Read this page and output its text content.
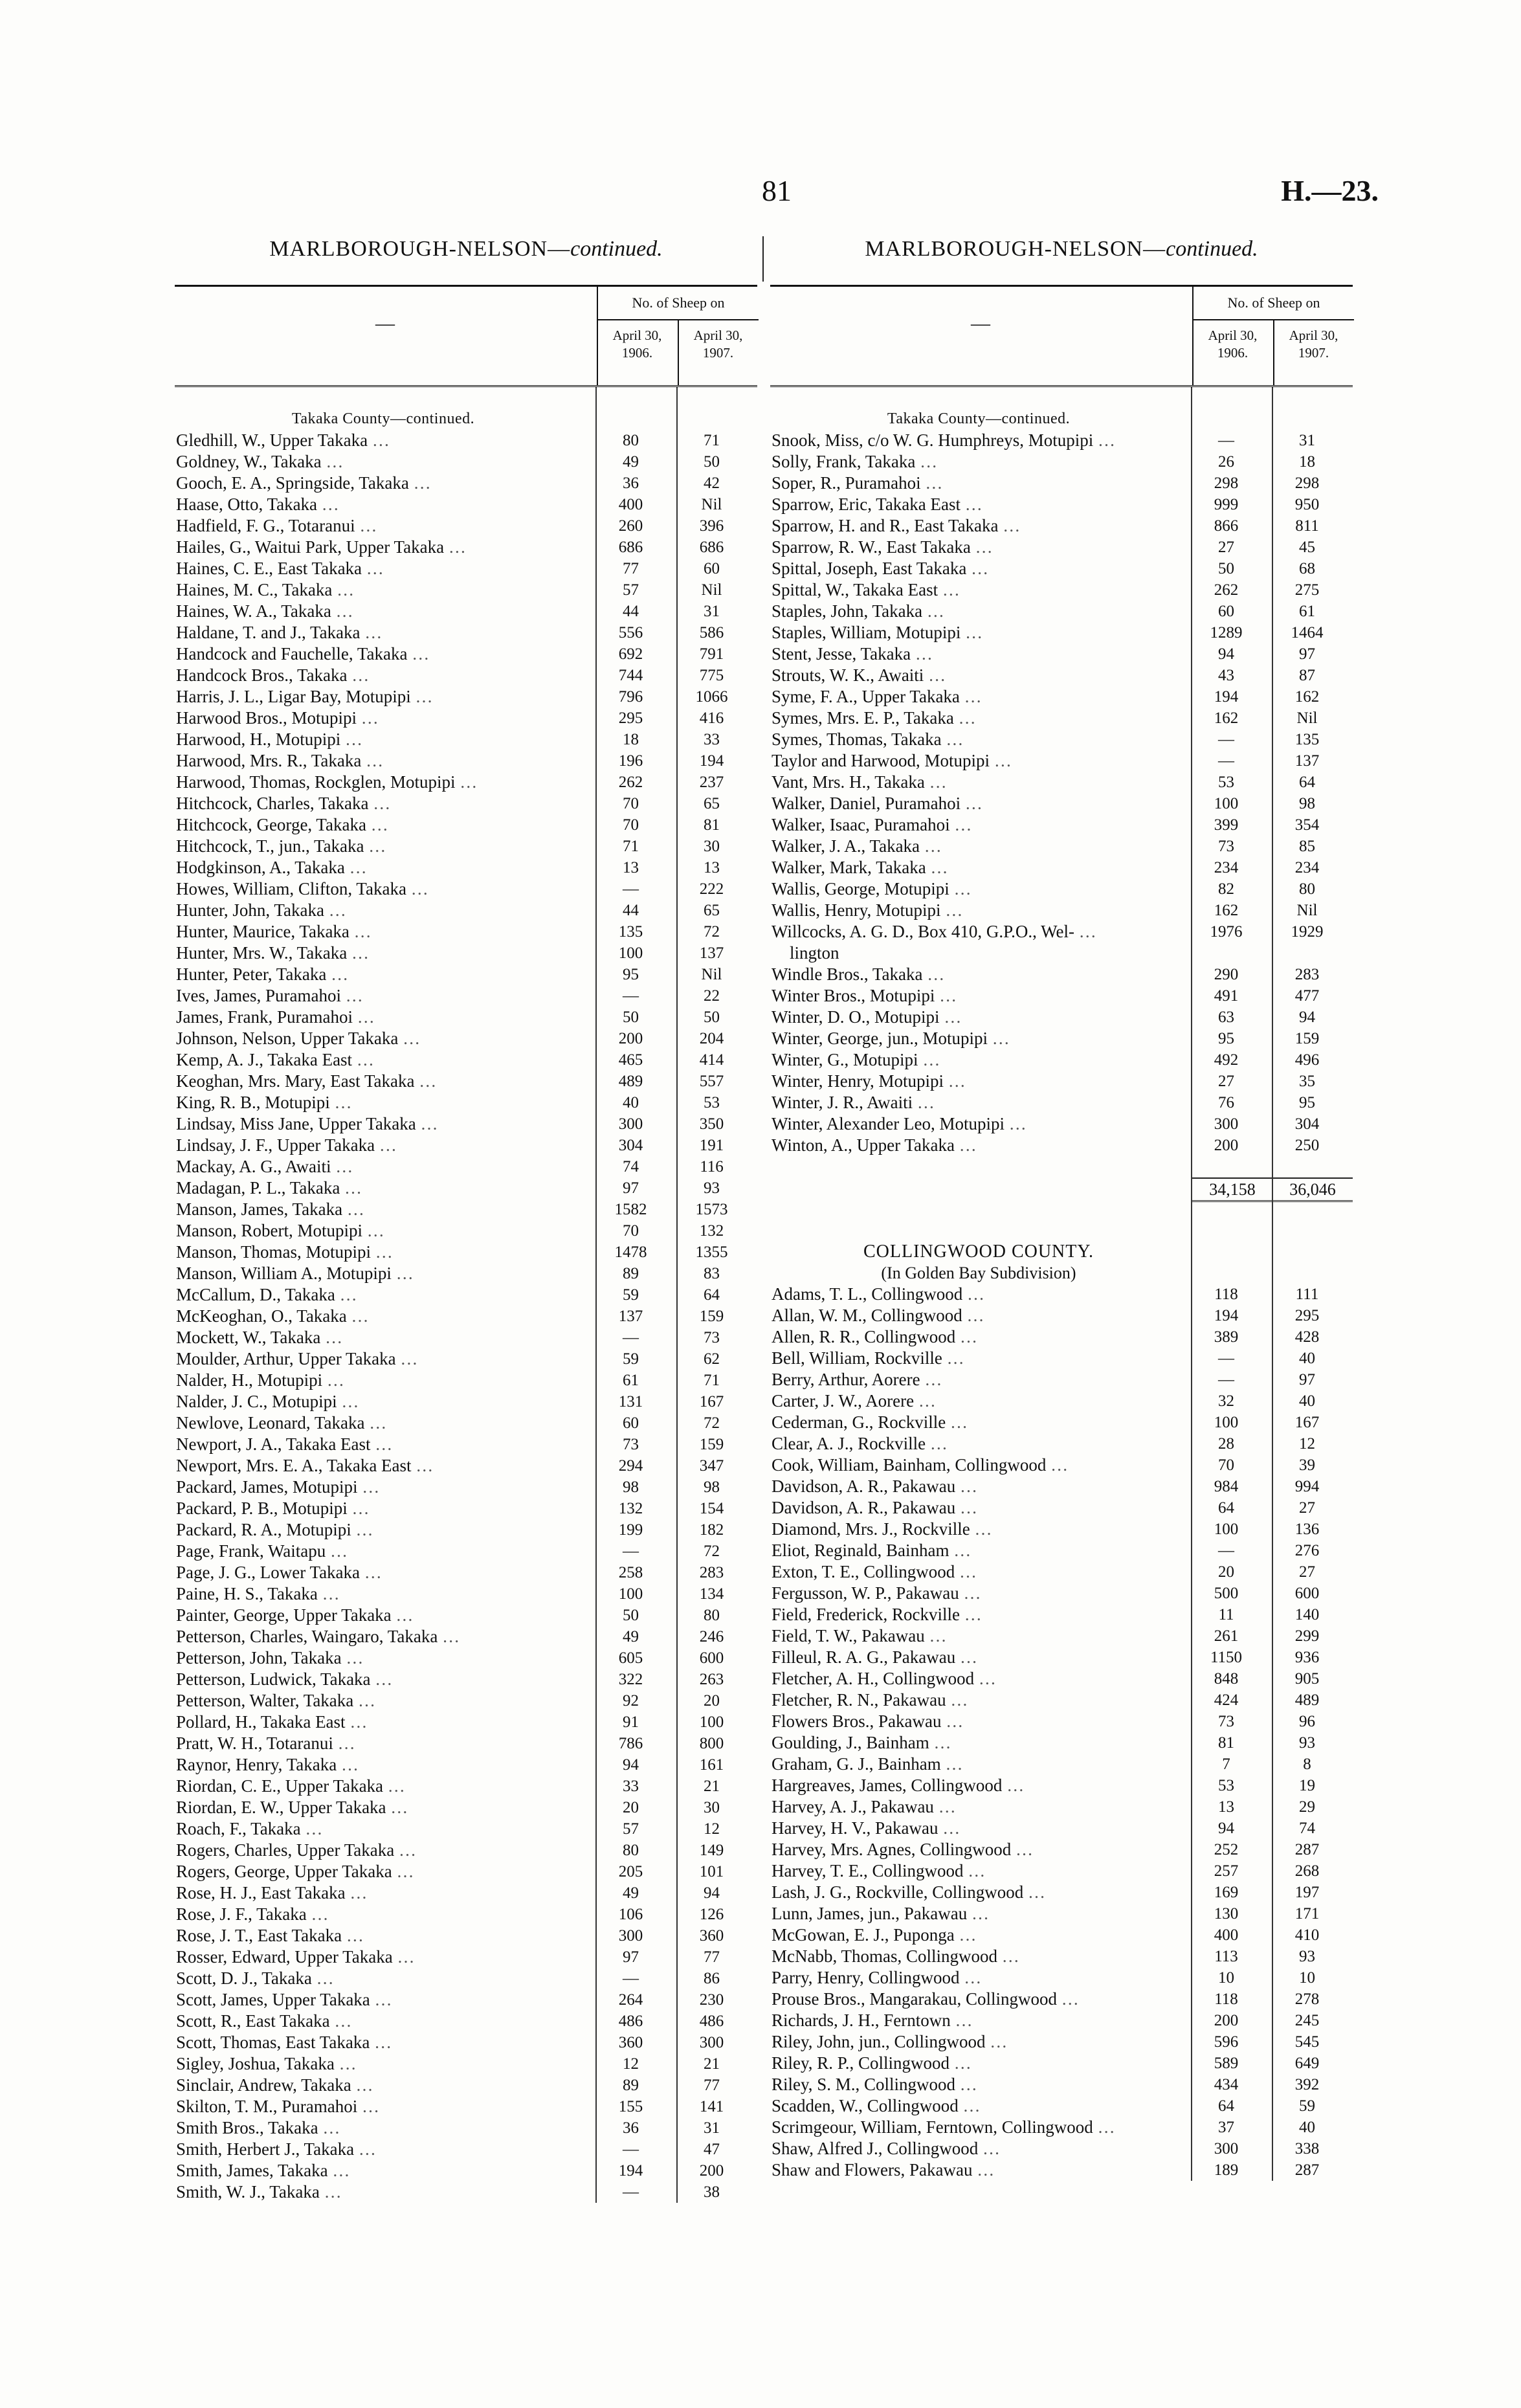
81	H.—23.
MARLBOROUGH-NELSON—continued.
—
No. of Sheep on
April 30,
1906.
April 30,
1907.
Takaka County—continued.
Gledhill, W., Upper Takaka …	80	71
Goldney, W., Takaka …	49	50
Gooch, E. A., Springside, Takaka …	36	42
Haase, Otto, Takaka …	400	Nil
Hadfield, F. G., Totaranui …	260	396
Hailes, G., Waitui Park, Upper Takaka …	686	686
Haines, C. E., East Takaka …	77	60
Haines, M. C., Takaka …	57	Nil
Haines, W. A., Takaka …	44	31
Haldane, T. and J., Takaka …	556	586
Handcock and Fauchelle, Takaka …	692	791
Handcock Bros., Takaka …	744	775
Harris, J. L., Ligar Bay, Motupipi …	796	1066
Harwood Bros., Motupipi …	295	416
Harwood, H., Motupipi …	18	33
Harwood, Mrs. R., Takaka …	196	194
Harwood, Thomas, Rockglen, Motupipi …	262	237
Hitchcock, Charles, Takaka …	70	65
Hitchcock, George, Takaka …	70	81
Hitchcock, T., jun., Takaka …	71	30
Hodgkinson, A., Takaka …	13	13
Howes, William, Clifton, Takaka …	—	222
Hunter, John, Takaka …	44	65
Hunter, Maurice, Takaka …	135	72
Hunter, Mrs. W., Takaka …	100	137
Hunter, Peter, Takaka …	95	Nil
Ives, James, Puramahoi …	—	22
James, Frank, Puramahoi …	50	50
Johnson, Nelson, Upper Takaka …	200	204
Kemp, A. J., Takaka East …	465	414
Keoghan, Mrs. Mary, East Takaka …	489	557
King, R. B., Motupipi …	40	53
Lindsay, Miss Jane, Upper Takaka …	300	350
Lindsay, J. F., Upper Takaka …	304	191
Mackay, A. G., Awaiti …	74	116
Madagan, P. L., Takaka …	97	93
Manson, James, Takaka …	1582	1573
Manson, Robert, Motupipi …	70	132
Manson, Thomas, Motupipi …	1478	1355
Manson, William A., Motupipi …	89	83
McCallum, D., Takaka …	59	64
McKeoghan, O., Takaka …	137	159
Mockett, W., Takaka …	—	73
Moulder, Arthur, Upper Takaka …	59	62
Nalder, H., Motupipi …	61	71
Nalder, J. C., Motupipi …	131	167
Newlove, Leonard, Takaka …	60	72
Newport, J. A., Takaka East …	73	159
Newport, Mrs. E. A., Takaka East …	294	347
Packard, James, Motupipi …	98	98
Packard, P. B., Motupipi …	132	154
Packard, R. A., Motupipi …	199	182
Page, Frank, Waitapu …	—	72
Page, J. G., Lower Takaka …	258	283
Paine, H. S., Takaka …	100	134
Painter, George, Upper Takaka …	50	80
Petterson, Charles, Waingaro, Takaka …	49	246
Petterson, John, Takaka …	605	600
Petterson, Ludwick, Takaka …	322	263
Petterson, Walter, Takaka …	92	20
Pollard, H., Takaka East …	91	100
Pratt, W. H., Totaranui …	786	800
Raynor, Henry, Takaka …	94	161
Riordan, C. E., Upper Takaka …	33	21
Riordan, E. W., Upper Takaka …	20	30
Roach, F., Takaka …	57	12
Rogers, Charles, Upper Takaka …	80	149
Rogers, George, Upper Takaka …	205	101
Rose, H. J., East Takaka …	49	94
Rose, J. F., Takaka …	106	126
Rose, J. T., East Takaka …	300	360
Rosser, Edward, Upper Takaka …	97	77
Scott, D. J., Takaka …	—	86
Scott, James, Upper Takaka …	264	230
Scott, R., East Takaka …	486	486
Scott, Thomas, East Takaka …	360	300
Sigley, Joshua, Takaka …	12	21
Sinclair, Andrew, Takaka …	89	77
Skilton, T. M., Puramahoi …	155	141
Smith Bros., Takaka …	36	31
Smith, Herbert J., Takaka …	—	47
Smith, James, Takaka …	194	200
Smith, W. J., Takaka …	—	38
MARLBOROUGH-NELSON—continued.
—
No. of Sheep on
April 30,
1906.
April 30,
1907.
Takaka County—continued.
Snook, Miss, c/o W. G. Humphreys, Motupipi …	—	31
Solly, Frank, Takaka …	26	18
Soper, R., Puramahoi …	298	298
Sparrow, Eric, Takaka East …	999	950
Sparrow, H. and R., East Takaka …	866	811
Sparrow, R. W., East Takaka …	27	45
Spittal, Joseph, East Takaka …	50	68
Spittal, W., Takaka East …	262	275
Staples, John, Takaka …	60	61
Staples, William, Motupipi …	1289	1464
Stent, Jesse, Takaka …	94	97
Strouts, W. K., Awaiti …	43	87
Syme, F. A., Upper Takaka …	194	162
Symes, Mrs. E. P., Takaka …	162	Nil
Symes, Thomas, Takaka …	—	135
Taylor and Harwood, Motupipi …	—	137
Vant, Mrs. H., Takaka …	53	64
Walker, Daniel, Puramahoi …	100	98
Walker, Isaac, Puramahoi …	399	354
Walker, J. A., Takaka …	73	85
Walker, Mark, Takaka …	234	234
Wallis, George, Motupipi …	82	80
Wallis, Henry, Motupipi …	162	Nil
Willcocks, A. G. D., Box 410, G.P.O., Wel- …	1976	1929
lington
Windle Bros., Takaka …	290	283
Winter Bros., Motupipi …	491	477
Winter, D. O., Motupipi …	63	94
Winter, George, jun., Motupipi …	95	159
Winter, G., Motupipi …	492	496
Winter, Henry, Motupipi …	27	35
Winter, J. R., Awaiti …	76	95
Winter, Alexander Leo, Motupipi …	300	304
Winton, A., Upper Takaka …	200	250
34,158	36,046
COLLINGWOOD COUNTY.
(In Golden Bay Subdivision)
Adams, T. L., Collingwood …	118	111
Allan, W. M., Collingwood …	194	295
Allen, R. R., Collingwood …	389	428
Bell, William, Rockville …	—	40
Berry, Arthur, Aorere …	—	97
Carter, J. W., Aorere …	32	40
Cederman, G., Rockville …	100	167
Clear, A. J., Rockville …	28	12
Cook, William, Bainham, Collingwood …	70	39
Davidson, A. R., Pakawau …	984	994
Davidson, A. R., Pakawau …	64	27
Diamond, Mrs. J., Rockville …	100	136
Eliot, Reginald, Bainham …	—	276
Exton, T. E., Collingwood …	20	27
Fergusson, W. P., Pakawau …	500	600
Field, Frederick, Rockville …	11	140
Field, T. W., Pakawau …	261	299
Filleul, R. A. G., Pakawau …	1150	936
Fletcher, A. H., Collingwood …	848	905
Fletcher, R. N., Pakawau …	424	489
Flowers Bros., Pakawau …	73	96
Goulding, J., Bainham …	81	93
Graham, G. J., Bainham …	7	8
Hargreaves, James, Collingwood …	53	19
Harvey, A. J., Pakawau …	13	29
Harvey, H. V., Pakawau …	94	74
Harvey, Mrs. Agnes, Collingwood …	252	287
Harvey, T. E., Collingwood …	257	268
Lash, J. G., Rockville, Collingwood …	169	197
Lunn, James, jun., Pakawau …	130	171
McGowan, E. J., Puponga …	400	410
McNabb, Thomas, Collingwood …	113	93
Parry, Henry, Collingwood …	10	10
Prouse Bros., Mangarakau, Collingwood …	118	278
Richards, J. H., Ferntown …	200	245
Riley, John, jun., Collingwood …	596	545
Riley, R. P., Collingwood …	589	649
Riley, S. M., Collingwood …	434	392
Scadden, W., Collingwood …	64	59
Scrimgeour, William, Ferntown, Collingwood …	37	40
Shaw, Alfred J., Collingwood …	300	338
Shaw and Flowers, Pakawau …	189	287
